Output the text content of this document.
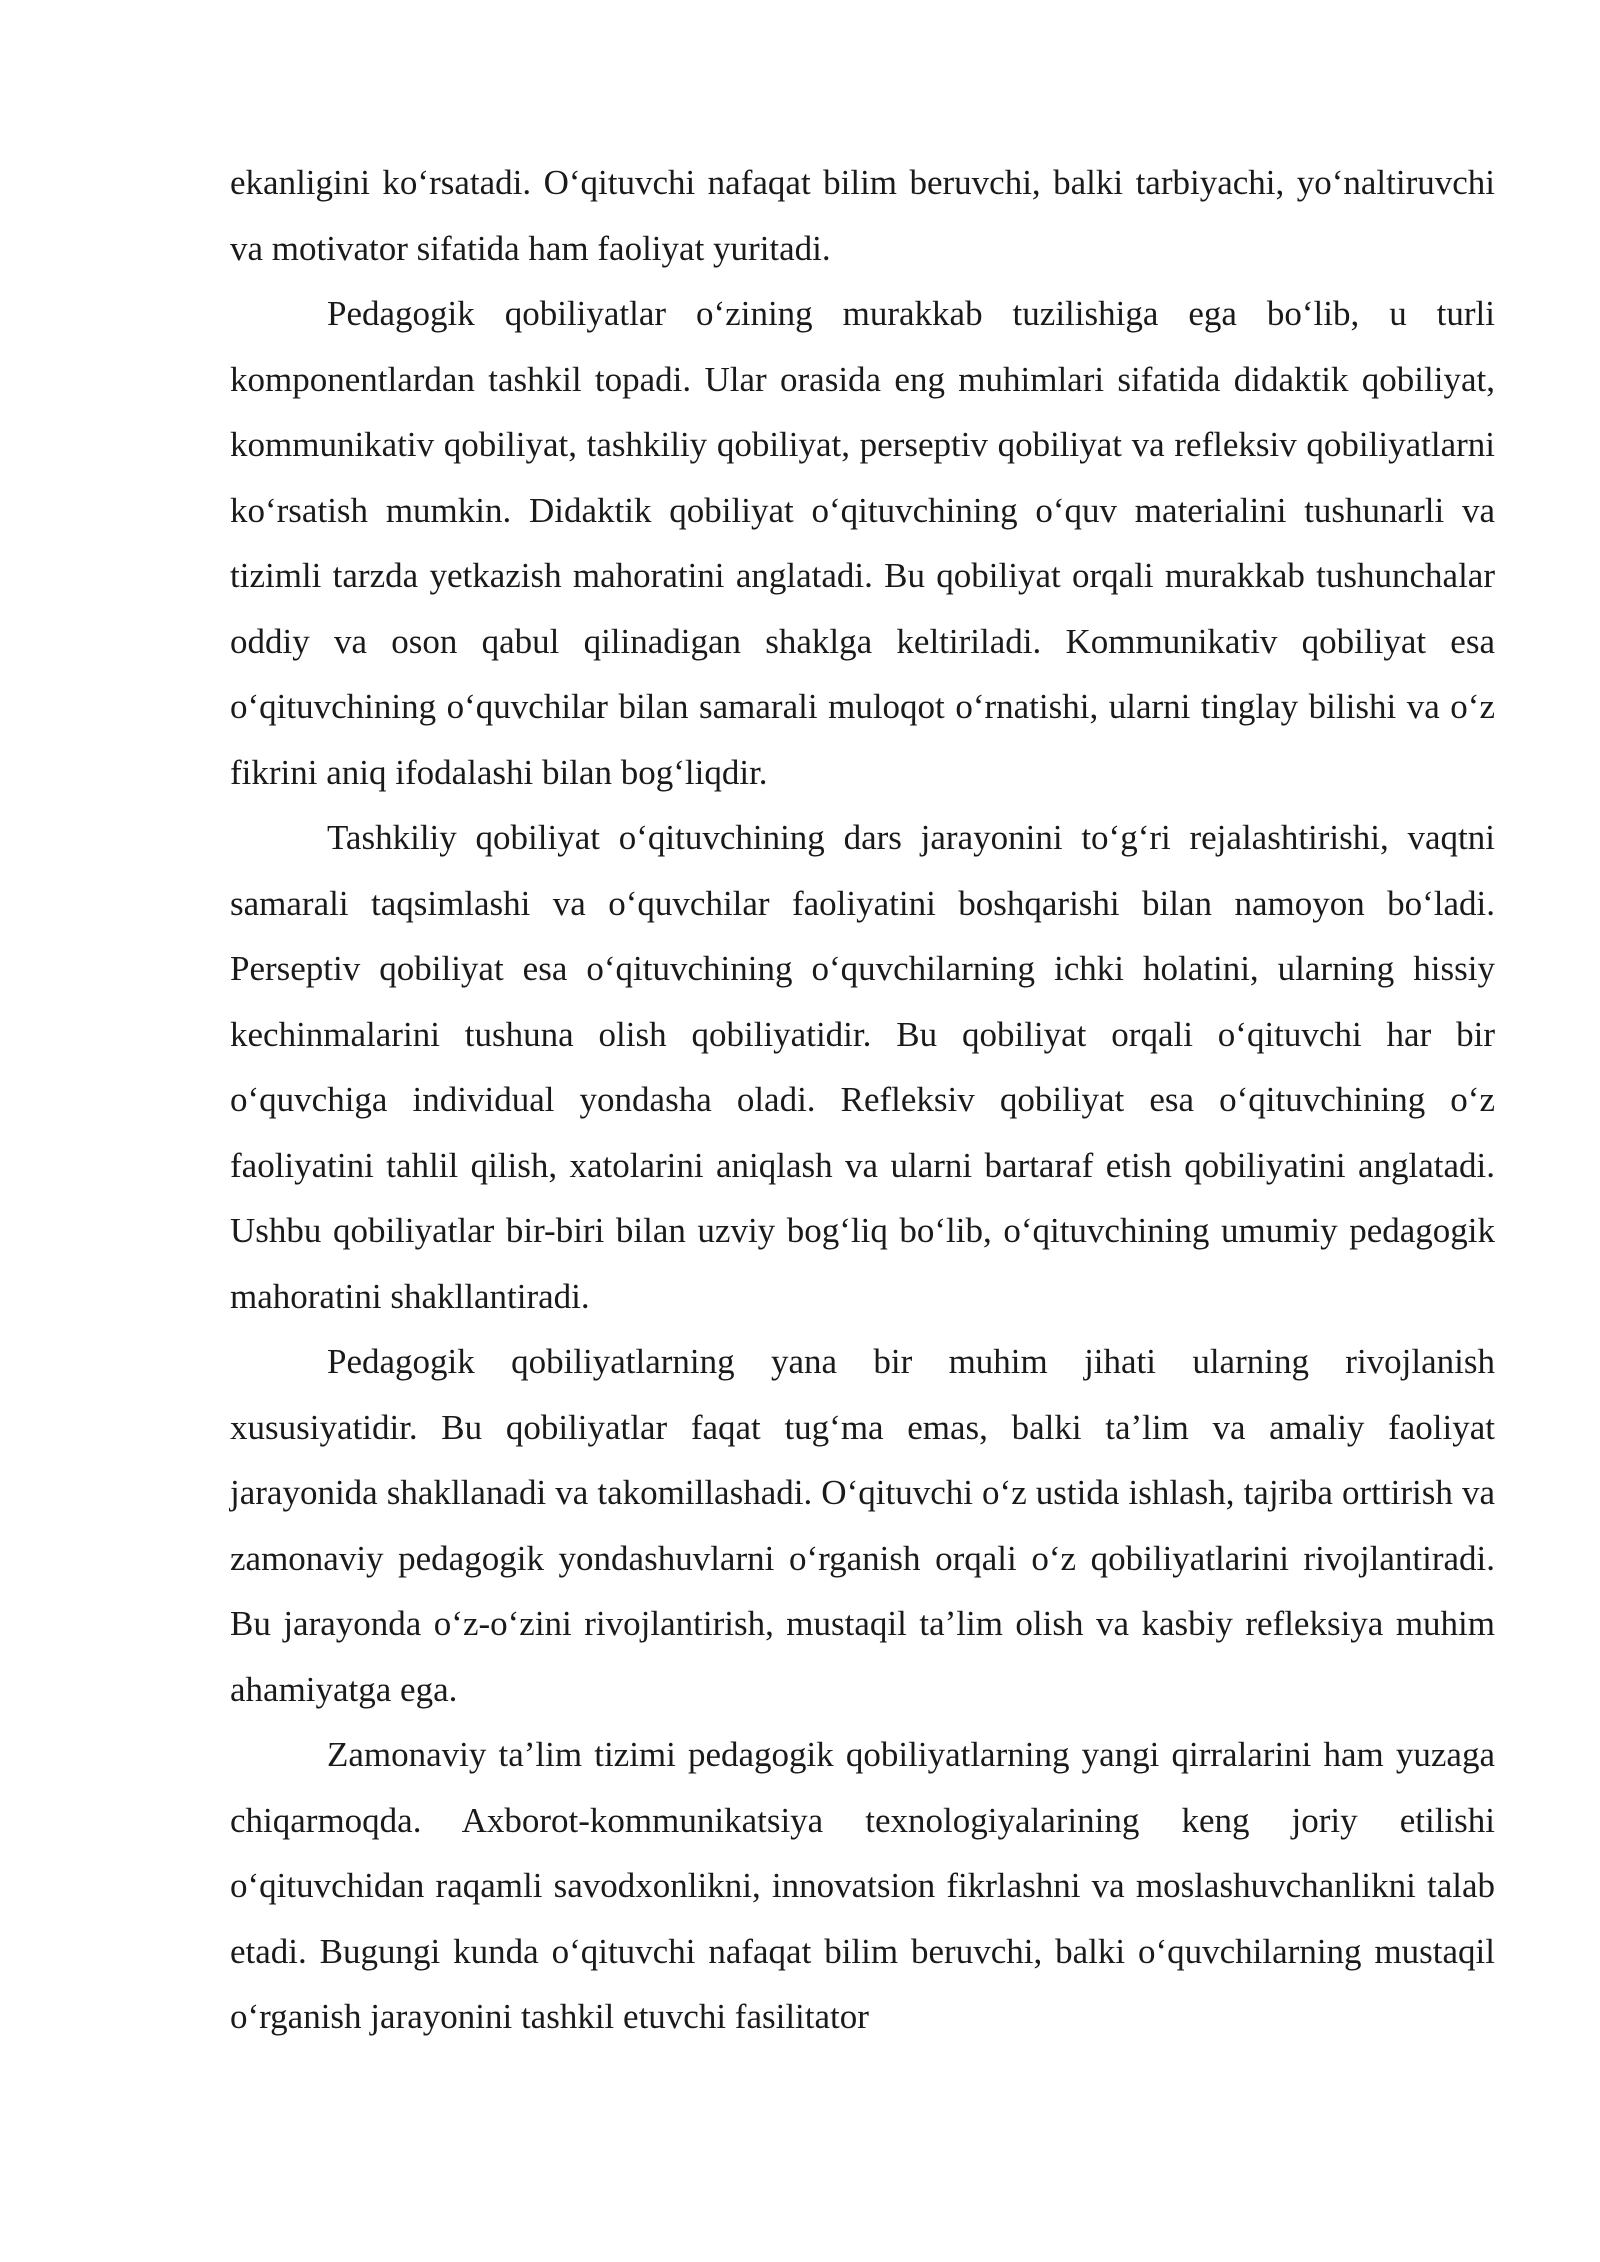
ekanligini koʻrsatadi. Oʻqituvchi nafaqat bilim beruvchi, balki tarbiyachi, yoʻnaltiruvchi va motivator sifatida ham faoliyat yuritadi.

Pedagogik qobiliyatlar oʻzining murakkab tuzilishiga ega boʻlib, u turli komponentlardan tashkil topadi. Ular orasida eng muhimlari sifatida didaktik qobiliyat, kommunikativ qobiliyat, tashkiliy qobiliyat, perseptiv qobiliyat va refleksiv qobiliyatlarni koʻrsatish mumkin. Didaktik qobiliyat oʻqituvchining oʻquv materialini tushunarli va tizimli tarzda yetkazish mahoratini anglatadi. Bu qobiliyat orqali murakkab tushunchalar oddiy va oson qabul qilinadigan shaklga keltiriladi. Kommunikativ qobiliyat esa oʻqituvchining oʻquvchilar bilan samarali muloqot oʻrnatishi, ularni tinglay bilishi va oʻz fikrini aniq ifodalashi bilan bogʻliqdir.

Tashkiliy qobiliyat oʻqituvchining dars jarayonini toʻgʻri rejalashtirishi, vaqtni samarali taqsimlashi va oʻquvchilar faoliyatini boshqarishi bilan namoyon boʻladi. Perseptiv qobiliyat esa oʻqituvchining oʻquvchilarning ichki holatini, ularning hissiy kechinmalarini tushuna olish qobiliyatidir. Bu qobiliyat orqali oʻqituvchi har bir oʻquvchiga individual yondasha oladi. Refleksiv qobiliyat esa oʻqituvchining oʻz faoliyatini tahlil qilish, xatolarini aniqlash va ularni bartaraf etish qobiliyatini anglatadi. Ushbu qobiliyatlar bir-biri bilan uzviy bogʻliq boʻlib, oʻqituvchining umumiy pedagogik mahoratini shakllantiradi.

Pedagogik qobiliyatlarning yana bir muhim jihati ularning rivojlanish xususiyatidir. Bu qobiliyatlar faqat tugʻma emas, balki taʼlim va amaliy faoliyat jarayonida shakllanadi va takomillashadi. Oʻqituvchi oʻz ustida ishlash, tajriba orttirish va zamonaviy pedagogik yondashuvlarni oʻrganish orqali oʻz qobiliyatlarini rivojlantiradi. Bu jarayonda oʻz-oʻzini rivojlantirish, mustaqil taʼlim olish va kasbiy refleksiya muhim ahamiyatga ega.

Zamonaviy taʼlim tizimi pedagogik qobiliyatlarning yangi qirralarini ham yuzaga chiqarmoqda. Axborot-kommunikatsiya texnologiyalarining keng joriy etilishi oʻqituvchidan raqamli savodxonlikni, innovatsion fikrlashni va moslashuvchanlikni talab etadi. Bugungi kunda oʻqituvchi nafaqat bilim beruvchi, balki oʻquvchilarning mustaqil oʻrganish jarayonini tashkil etuvchi fasilitator
